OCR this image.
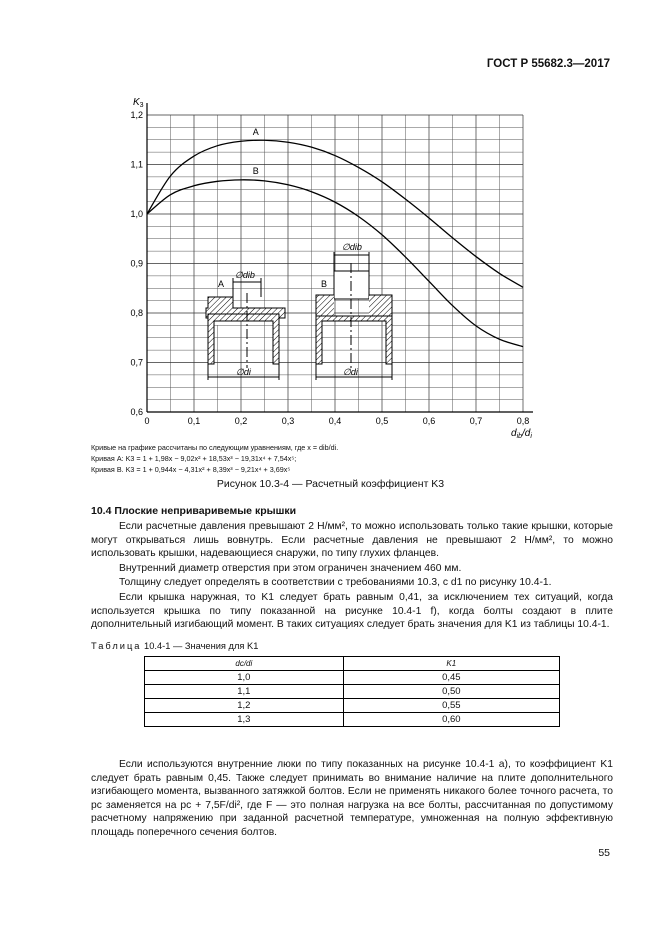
ГОСТ Р 55682.3—2017
А	В
∅dib
∅dib
∅di	∅di
0	0,1	0,2	0,3	0,4	0,5	0,6	0,7	0,8
0,6
0,7
0,8
0,9
1,0
1,1
1,2
$K_3$
$d_{ib}/d_i$
A
B
Кривые на графике рассчитаны по следующим уравнениям, где x = dib/di.
Кривая А: K3 = 1 + 1,98x − 9,02x² + 18,53x³ − 19,31x⁴ + 7,54x⁵;
Кривая В. K3 = 1 + 0,944x − 4,31x² + 8,39x³ − 9,21x⁴ + 3,69x⁵
Рисунок 10.3-4 — Расчетный коэффициент K3
10.4 Плоские неприваривемые крышки

Если расчетные давления превышают 2 Н/мм², то можно использовать только такие крышки, которые могут открываться лишь вовнутрь. Если расчетные давления не превышают 2 Н/мм², то можно использовать крышки, надевающиеся снаружи, по типу глухих фланцев.

Внутренний диаметр отверстия при этом ограничен значением 460 мм.

Толщину следует определять в соответствии с требованиями 10.3, с d1 по рисунку 10.4-1.

Если крышка наружная, то K1 следует брать равным 0,41, за исключением тех ситуаций, когда используется крышка по типу показанной на рисунке 10.4-1 f), когда болты создают в плите дополнительный изгибающий момент. В таких ситуациях следует брать значения для K1 из таблицы 10.4-1.

Таблица 10.4-1 — Значения для K1
dc/di	K1
1,0	0,45
1,1	0,50
1,2	0,55
1,3	0,60

Если используются внутренние люки по типу показанных на рисунке 10.4-1 а), то коэффициент K1 следует брать равным 0,45. Также следует принимать во внимание наличие на плите дополнительного изгибающего момента, вызванного затяжкой болтов. Если не применять никакого более точного расчета, то pc заменяется на pc + 7,5F/di², где F — это полная нагрузка на все болты, рассчитанная по допустимому расчетному напряжению при заданной расчетной температуре, умноженная на полную эффективную площадь поперечного сечения болтов.

55
